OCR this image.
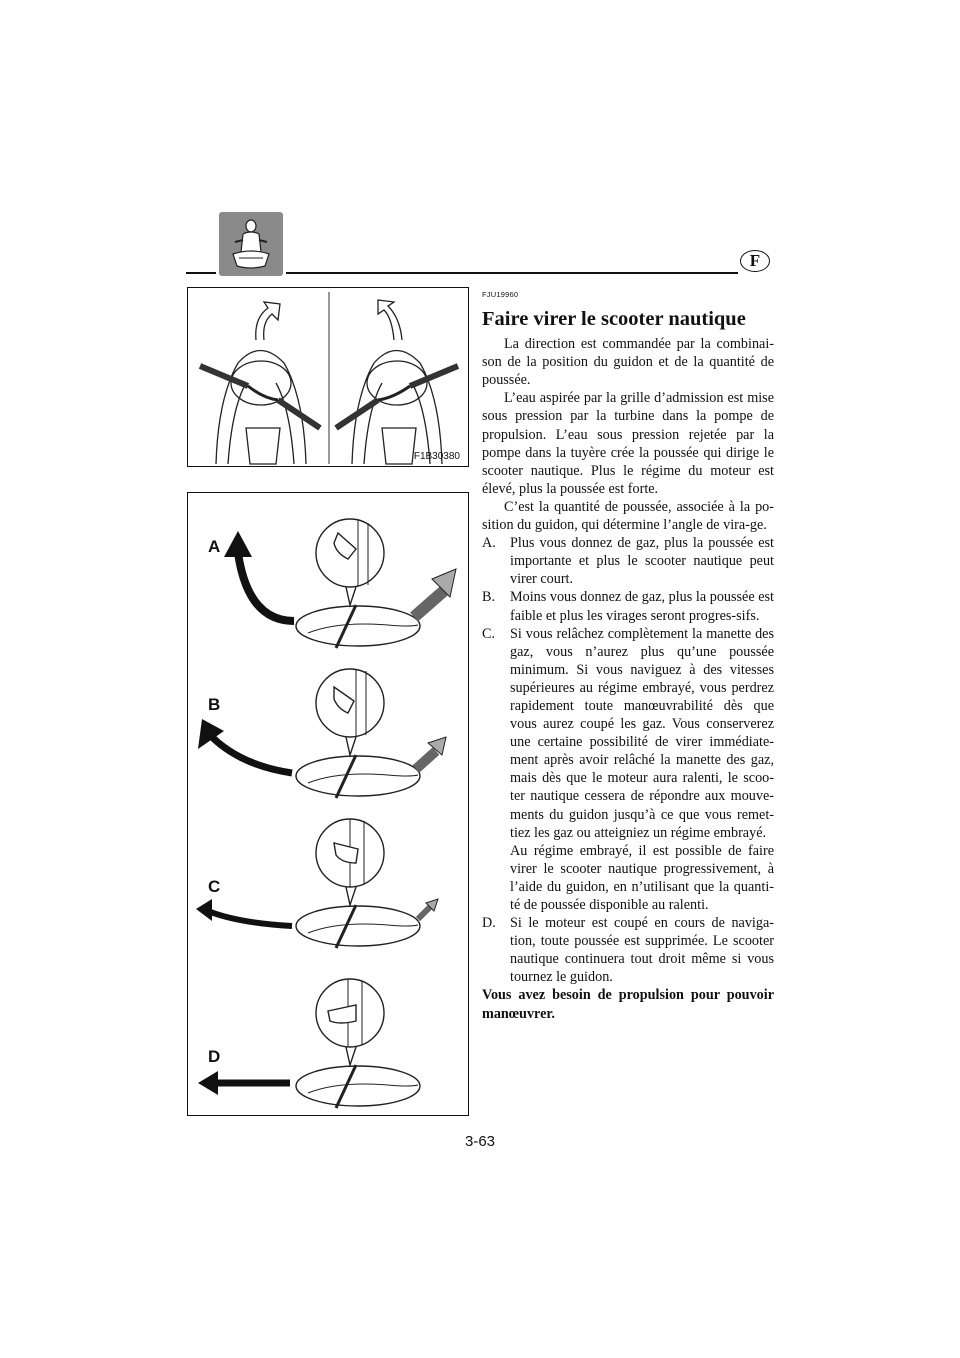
F
F1B30380
A
B
C
D
FJU19960
Faire virer le scooter nautique

La direction est commandée par la combinai-son de la position du guidon et de la quantité de poussée.

L’eau aspirée par la grille d’admission est mise sous pression par la turbine dans la pompe de propulsion. L’eau sous pression rejetée par la pompe dans la tuyère crée la poussée qui dirige le scooter nautique. Plus le régime du moteur est élevé, plus la poussée est forte.

C’est la quantité de poussée, associée à la po-sition du guidon, qui détermine l’angle de vira-ge.

A. Plus vous donnez de gaz, plus la poussée est importante et plus le scooter nautique peut virer court.
B. Moins vous donnez de gaz, plus la poussée est faible et plus les virages seront progres-sifs.
C. Si vous relâchez complètement la manette des gaz, vous n’aurez plus qu’une poussée minimum. Si vous naviguez à des vitesses supérieures au régime embrayé, vous perdrez rapidement toute manœuvrabilité dès que vous aurez coupé les gaz. Vous conserverez une certaine possibilité de virer immédiate-ment après avoir relâché la manette des gaz, mais dès que le moteur aura ralenti, le scoo-ter nautique cessera de répondre aux mouve-ments du guidon jusqu’à ce que vous remet-tiez les gaz ou atteigniez un régime embrayé.
Au régime embrayé, il est possible de faire virer le scooter nautique progressivement, à l’aide du guidon, en n’utilisant que la quanti-té de poussée disponible au ralenti.
D. Si le moteur est coupé en cours de naviga-tion, toute poussée est supprimée. Le scooter nautique continuera tout droit même si vous tournez le guidon.

Vous avez besoin de propulsion pour pouvoir manœuvrer.

3-63
